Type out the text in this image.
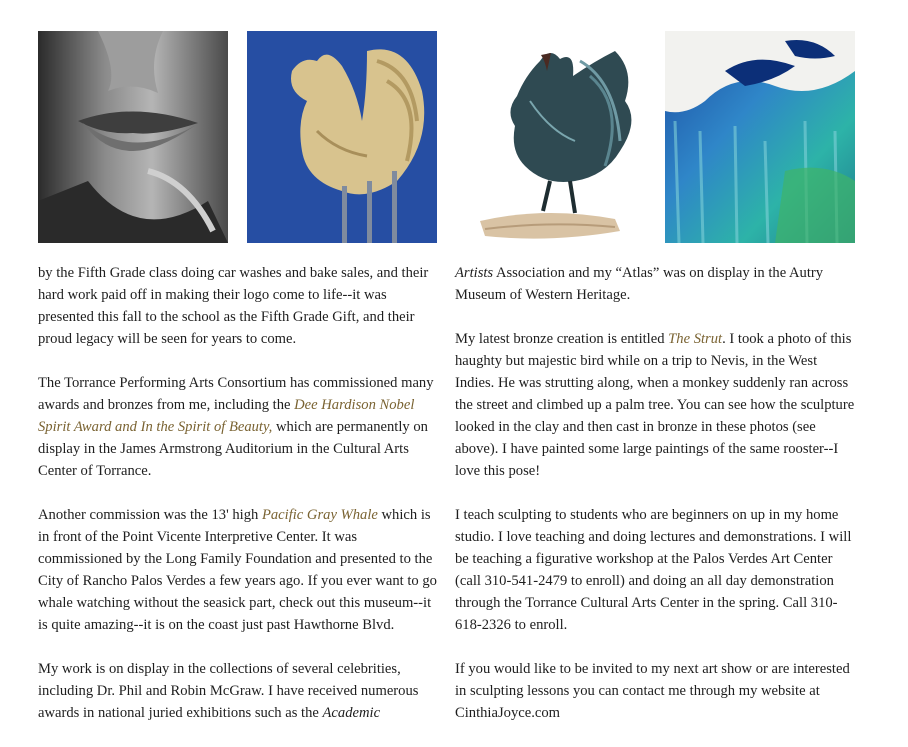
by the Fifth Grade class doing car washes and bake sales, and their hard work paid off in making their logo come to life--it was presented this fall to the school as the Fifth Grade Gift, and their proud legacy will be seen for years to come.

The Torrance Performing Arts Consortium has commissioned many awards and bronzes from me, including the Dee Hardison Nobel Spirit Award and In the Spirit of Beauty, which are permanently on display in the James Armstrong Auditorium in the Cultural Arts Center of Torrance.

Another commission was the 13' high Pacific Gray Whale which is in front of the Point Vicente Interpretive Center. It was commissioned by the Long Family Foundation and presented to the City of Rancho Palos Verdes a few years ago. If you ever want to go whale watching without the seasick part, check out this museum--it is quite amazing--it is on the coast just past Hawthorne Blvd.

My work is on display in the collections of several celebrities, including Dr. Phil and Robin McGraw. I have received numerous awards in national juried exhibitions such as the Academic

Artists Association and my “Atlas” was on display in the Autry Museum of Western Heritage.

My latest bronze creation is entitled The Strut. I took a photo of this haughty but majestic bird while on a trip to Nevis, in the West Indies. He was strutting along, when a monkey suddenly ran across the street and climbed up a palm tree. You can see how the sculpture looked in the clay and then cast in bronze in these photos (see above). I have painted some large paintings of the same rooster--I love this pose!

I teach sculpting to students who are beginners on up in my home studio. I love teaching and doing lectures and demonstrations. I will be teaching a figurative workshop at the Palos Verdes Art Center (call 310-541-2479 to enroll) and doing an all day demonstration through the Torrance Cultural Arts Center in the spring. Call 310-618-2326 to enroll.

If you would like to be invited to my next art show or are interested in sculpting lessons you can contact me through my website at CinthiaJoyce.com
